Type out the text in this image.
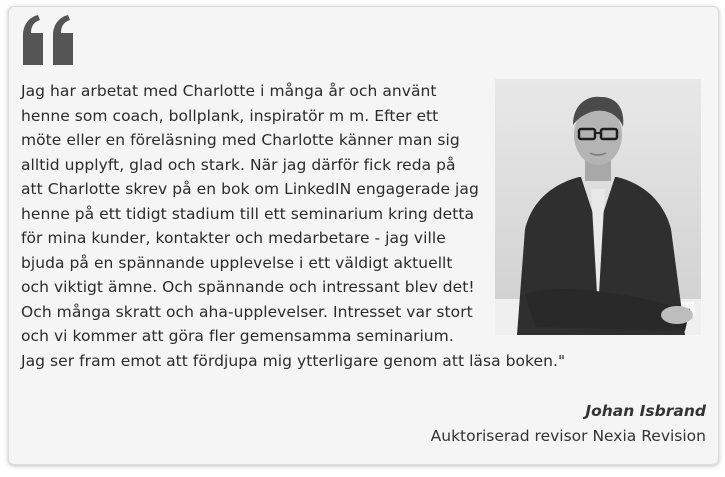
Jag har arbetat med Charlotte i många år och använt henne som coach, bollplank, inspiratör m m. Efter ett möte eller en föreläsning med Charlotte känner man sig alltid upplyft, glad och stark. När jag därför fick reda på att Charlotte skrev på en bok om LinkedIN engagerade jag henne på ett tidigt stadium till ett seminarium kring detta för mina kunder, kontakter och medarbetare - jag ville bjuda på en spännande upplevelse i ett väldigt aktuellt och viktigt ämne. Och spännande och intressant blev det! Och många skratt och aha-upplevelser. Intresset var stort och vi kommer att göra fler gemensamma seminarium. Jag ser fram emot att fördjupa mig ytterligare genom att läsa boken."

Johan Isbrand

Auktoriserad revisor Nexia Revision
